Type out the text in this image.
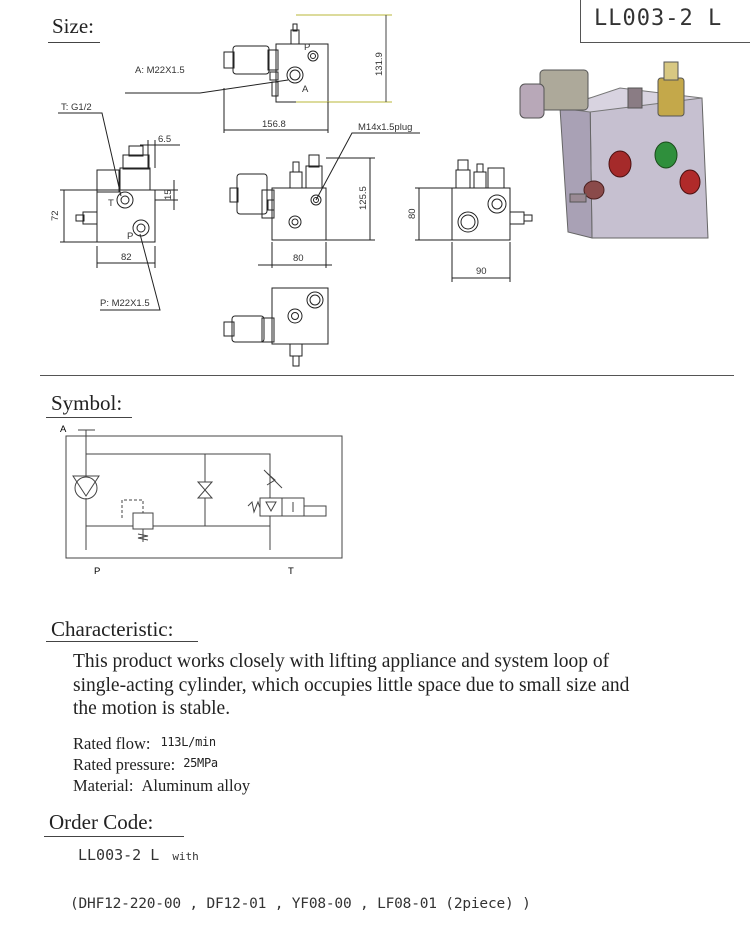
Size:	LL003-2 L
131.9
156.8
A: M22X1.5
P
A
T: G1/2
6.5
15
72
82
T
P
P: M22X1.5
M14x1.5plug
125.5
80
80
90
Symbol:
A
P	T
Characteristic:
This product works closely with lifting appliance and system loop of
single-acting cylinder, which occupies little space due to small size and
the motion is stable.
Rated flow: 113L/min
Rated pressure: 25MPa
Material: Aluminum alloy
Order Code:
LL003-2 L with
(DHF12-220-00 , DF12-01 , YF08-00 , LF08-01 (2piece) )
